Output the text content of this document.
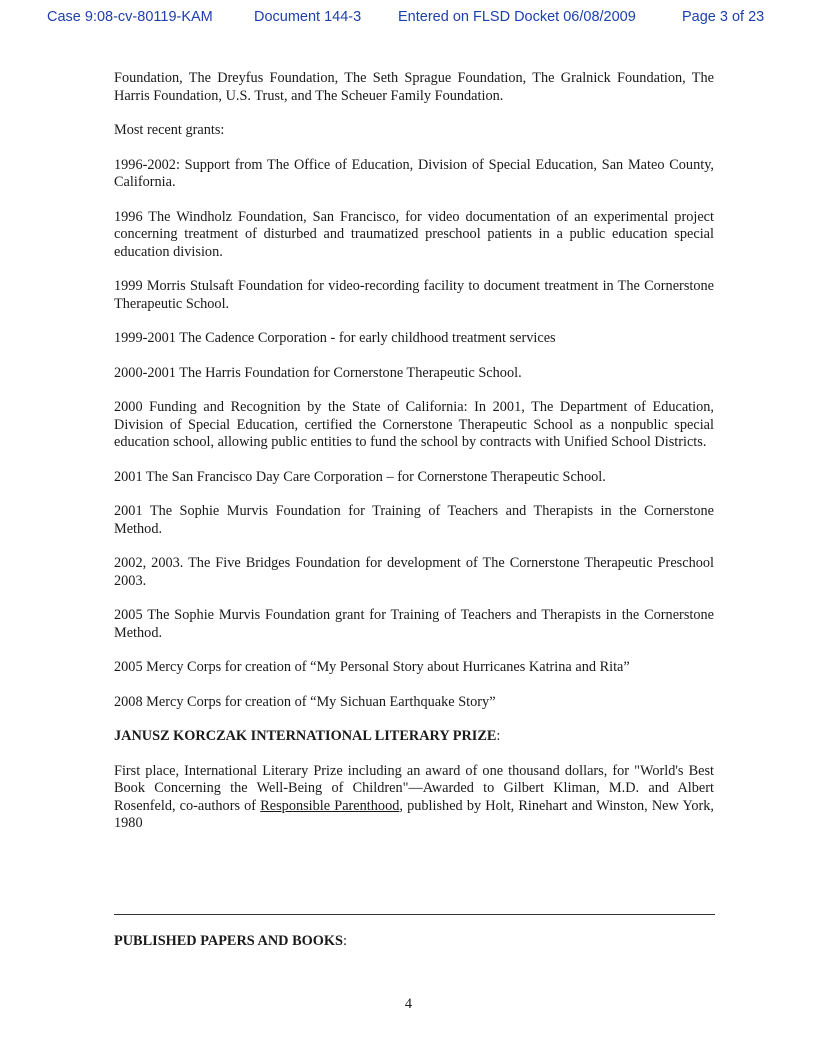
Case 9:08-cv-80119-KAM	Document 144-3	Entered on FLSD Docket 06/08/2009	Page 3 of 23

Foundation, The Dreyfus Foundation, The Seth Sprague Foundation, The Gralnick Foundation, The Harris Foundation, U.S. Trust, and The Scheuer Family Foundation.

Most recent grants:

1996-2002: Support from The Office of Education, Division of Special Education, San Mateo County, California.

1996 The Windholz Foundation, San Francisco, for video documentation of an experimental project concerning treatment of disturbed and traumatized preschool patients in a public education special education division.

1999 Morris Stulsaft Foundation for video-recording facility to document treatment in The Cornerstone Therapeutic School.

1999-2001 The Cadence Corporation - for early childhood treatment services

2000-2001 The Harris Foundation for Cornerstone Therapeutic School.

2000 Funding and Recognition by the State of California: In 2001, The Department of Education, Division of Special Education, certified the Cornerstone Therapeutic School as a nonpublic special education school, allowing public entities to fund the school by contracts with Unified School Districts.

2001 The San Francisco Day Care Corporation – for Cornerstone Therapeutic School.

2001 The Sophie Murvis Foundation for Training of Teachers and Therapists in the Cornerstone Method.

2002, 2003. The Five Bridges Foundation for development of The Cornerstone Therapeutic Preschool 2003.

2005 The Sophie Murvis Foundation grant for Training of Teachers and Therapists in the Cornerstone Method.

2005 Mercy Corps for creation of “My Personal Story about Hurricanes Katrina and Rita”

2008 Mercy Corps for creation of “My Sichuan Earthquake Story”

JANUSZ KORCZAK INTERNATIONAL LITERARY PRIZE:

First place, International Literary Prize including an award of one thousand dollars, for "World's Best Book Concerning the Well-Being of Children"—Awarded to Gilbert Kliman, M.D. and Albert Rosenfeld, co-authors of Responsible Parenthood, published by Holt, Rinehart and Winston, New York, 1980

PUBLISHED PAPERS AND BOOKS:
4
